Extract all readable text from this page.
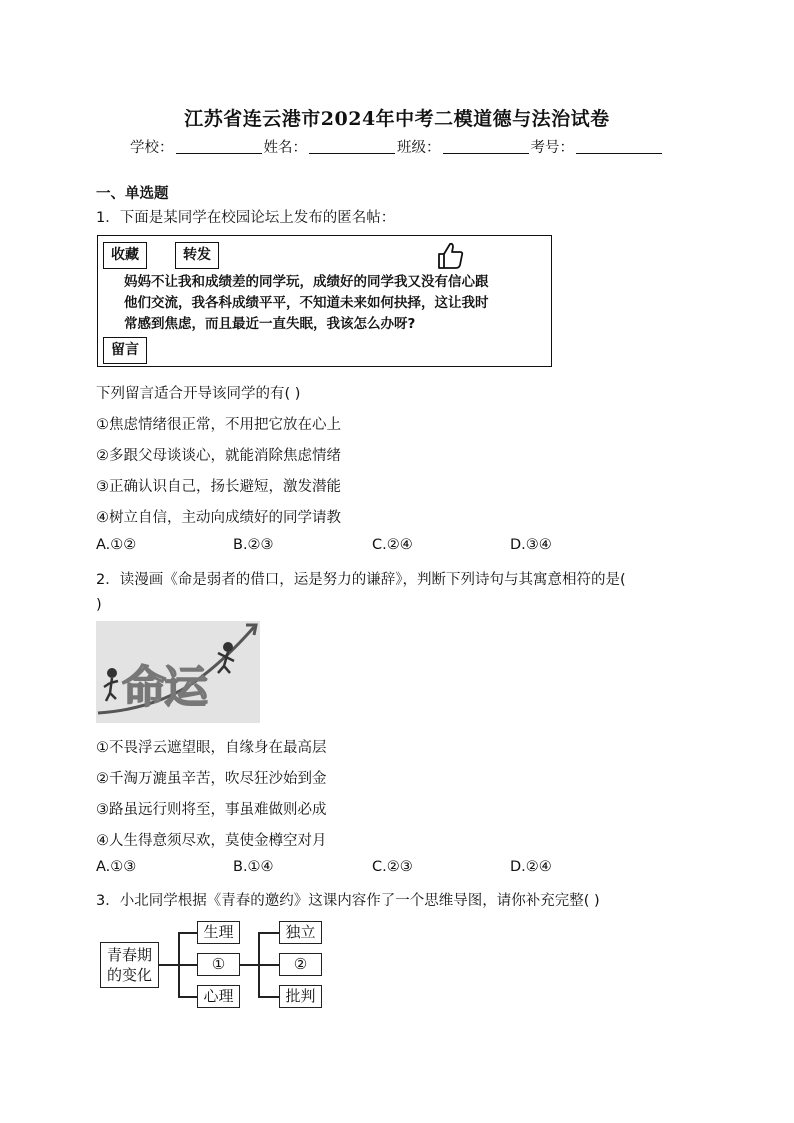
江苏省连云港市2024年中考二模道德与法治试卷
学校：	姓名：	班级：	考号：
一、单选题
1．下面是某同学在校园论坛上发布的匿名帖：
收藏	转发
妈妈不让我和成绩差的同学玩，成绩好的同学我又没有信心跟
他们交流，我各科成绩平平，不知道未来如何抉择，这让我时
常感到焦虑，而且最近一直失眠，我该怎么办呀?
留言
下列留言适合开导该同学的有( )
①焦虑情绪很正常，不用把它放在心上
②多跟父母谈谈心，就能消除焦虑情绪
③正确认识自己，扬长避短，激发潜能
④树立自信，主动向成绩好的同学请教
A.①②	B.②③	C.②④	D.③④
2．读漫画《命是弱者的借口，运是努力的谦辞》，判断下列诗句与其寓意相符的是(
)
命运
①不畏浮云遮望眼，自缘身在最高层
②千淘万漉虽辛苦，吹尽狂沙始到金
③路虽远行则将至，事虽难做则必成
④人生得意须尽欢，莫使金樽空对月
A.①③	B.①④	C.②③	D.②④
3．小北同学根据《青春的邀约》这课内容作了一个思维导图，请你补充完整( )
青春期
的变化
生理
①
心理
独立
②
批判
